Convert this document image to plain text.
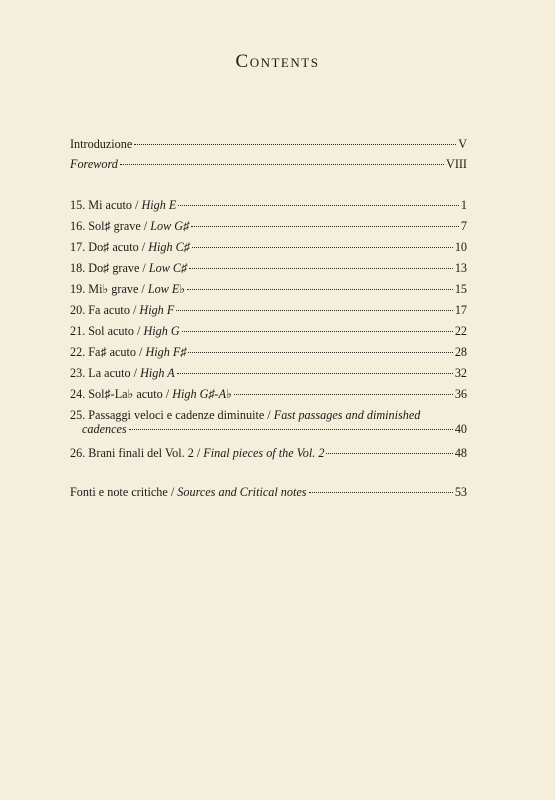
Contents
Introduzione	V
Foreword	VIII
15. Mi acuto / High E	1
16. Sol♯ grave / Low G♯	7
17. Do♯ acuto / High C♯	10
18. Do♯ grave / Low C♯	13
19. Mi♭ grave / Low E♭	15
20. Fa acuto / High F	17
21. Sol acuto / High G	22
22. Fa♯ acuto / High F♯	28
23. La acuto / High A	32
24. Sol♯-La♭ acuto / High G♯-A♭	36
25. Passaggi veloci e cadenze diminuite / Fast passages and diminished
cadences	40
26. Brani finali del Vol. 2 / Final pieces of the Vol. 2	48
Fonti e note critiche / Sources and Critical notes	53
